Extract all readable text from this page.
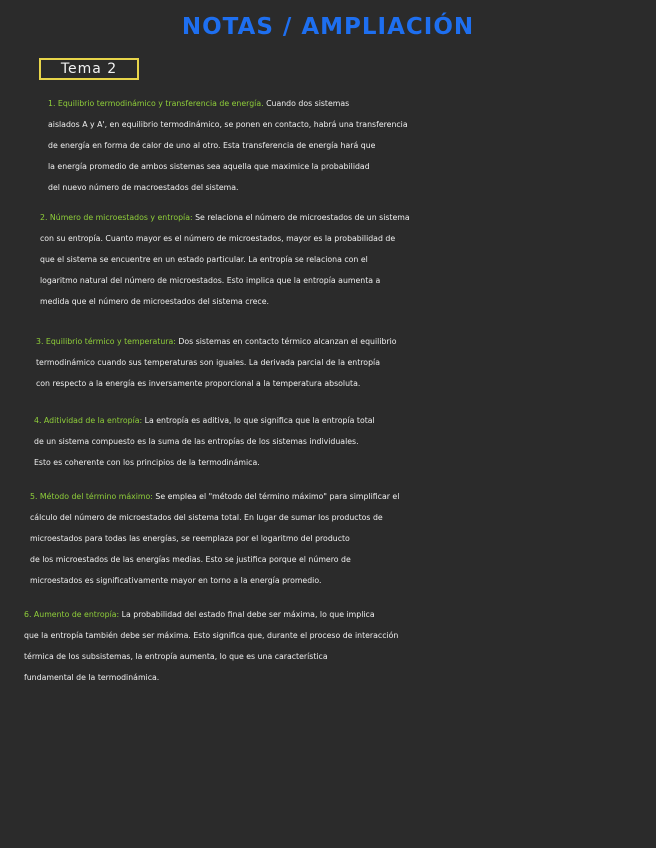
NOTAS / AMPLIACIÓN
Tema 2

1. Equilibrio termodinámico y transferencia de energía. Cuando dos sistemas

aislados A y A', en equilibrio termodinámico, se ponen en contacto, habrá una transferencia

de energía en forma de calor de uno al otro. Esta transferencia de energía hará que

la energía promedio de ambos sistemas sea aquella que maximice la probabilidad

del nuevo número de macroestados del sistema.

2. Número de microestados y entropía: Se relaciona el número de microestados de un sistema

con su entropía. Cuanto mayor es el número de microestados, mayor es la probabilidad de

que el sistema se encuentre en un estado particular. La entropía se relaciona con el

logaritmo natural del número de microestados. Esto implica que la entropía aumenta a

medida que el número de microestados del sistema crece.

3. Equilibrio térmico y temperatura: Dos sistemas en contacto térmico alcanzan el equilibrio

termodinámico cuando sus temperaturas son iguales. La derivada parcial de la entropía

con respecto a la energía es inversamente proporcional a la temperatura absoluta.

4. Aditividad de la entropía: La entropía es aditiva, lo que significa que la entropía total

de un sistema compuesto es la suma de las entropías de los sistemas individuales.

Esto es coherente con los principios de la termodinámica.

5. Método del término máximo: Se emplea el "método del término máximo" para simplificar el

cálculo del número de microestados del sistema total. En lugar de sumar los productos de

microestados para todas las energías, se reemplaza por el logaritmo del producto

de los microestados de las energías medias. Esto se justifica porque el número de

microestados es significativamente mayor en torno a la energía promedio.

6. Aumento de entropía: La probabilidad del estado final debe ser máxima, lo que implica

que la entropía también debe ser máxima. Esto significa que, durante el proceso de interacción

térmica de los subsistemas, la entropía aumenta, lo que es una característica

fundamental de la termodinámica.
